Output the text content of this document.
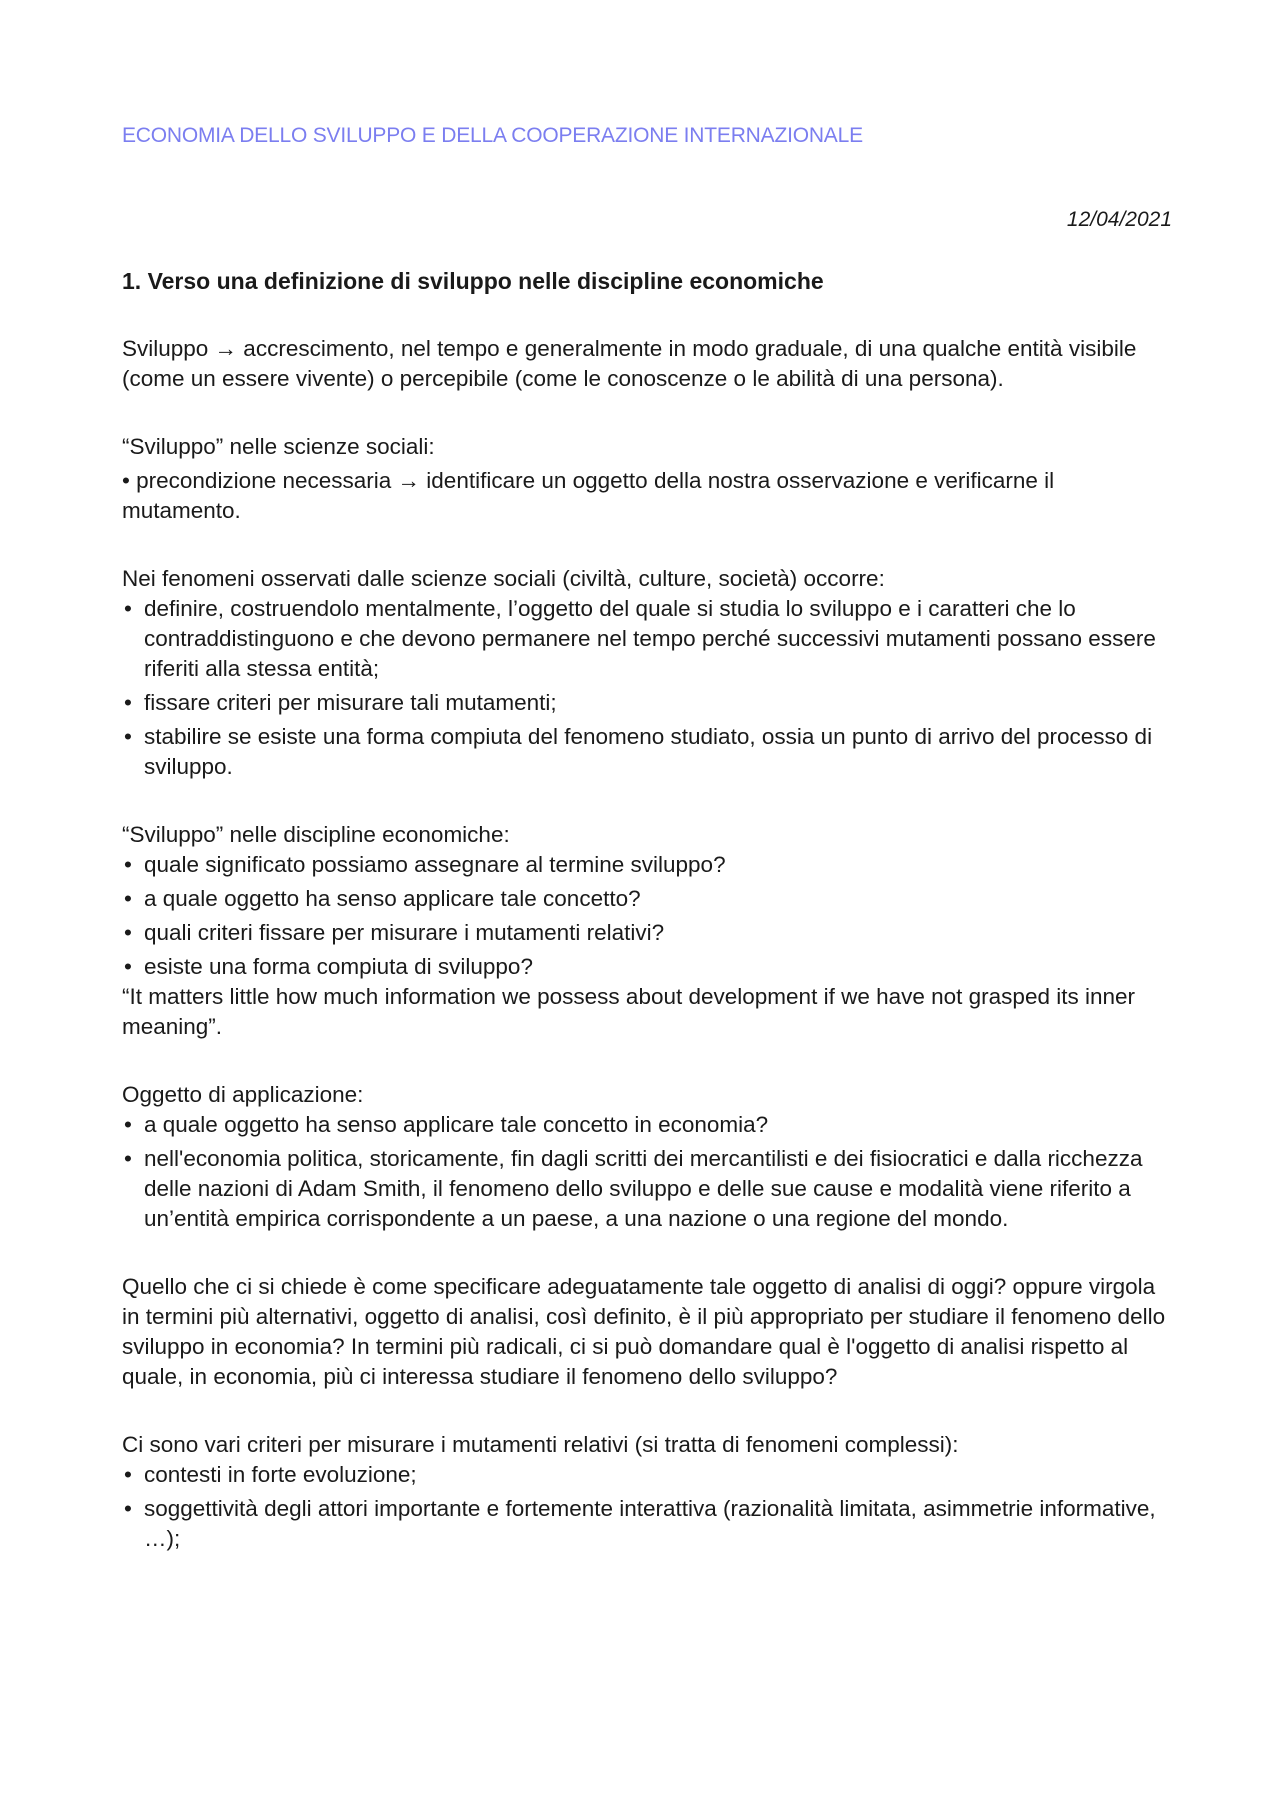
ECONOMIA DELLO SVILUPPO E DELLA COOPERAZIONE INTERNAZIONALE
12/04/2021
1. Verso una definizione di sviluppo nelle discipline economiche

Sviluppo → accrescimento, nel tempo e generalmente in modo graduale, di una qualche entità visibile (come un essere vivente) o percepibile (come le conoscenze o le abilità di una persona).

“Sviluppo” nelle scienze sociali:

• precondizione necessaria → identificare un oggetto della nostra osservazione e verificarne il mutamento.

Nei fenomeni osservati dalle scienze sociali (civiltà, culture, società) occorre:

• definire, costruendolo mentalmente, l’oggetto del quale si studia lo sviluppo e i caratteri che lo contraddistinguono e che devono permanere nel tempo perché successivi mutamenti possano essere riferiti alla stessa entità;
• fissare criteri per misurare tali mutamenti;
• stabilire se esiste una forma compiuta del fenomeno studiato, ossia un punto di arrivo del processo di sviluppo.

“Sviluppo” nelle discipline economiche:

• quale significato possiamo assegnare al termine sviluppo?
• a quale oggetto ha senso applicare tale concetto?
• quali criteri fissare per misurare i mutamenti relativi?
• esiste una forma compiuta di sviluppo?

“It matters little how much information we possess about development if we have not grasped its inner meaning”.

Oggetto di applicazione:

• a quale oggetto ha senso applicare tale concetto in economia?
• nell'economia politica, storicamente, fin dagli scritti dei mercantilisti e dei fisiocratici e dalla ricchezza delle nazioni di Adam Smith, il fenomeno dello sviluppo e delle sue cause e modalità viene riferito a un’entità empirica corrispondente a un paese, a una nazione o una regione del mondo.

Quello che ci si chiede è come specificare adeguatamente tale oggetto di analisi di oggi? oppure virgola in termini più alternativi, oggetto di analisi, così definito, è il più appropriato per studiare il fenomeno dello sviluppo in economia? In termini più radicali, ci si può domandare qual è l'oggetto di analisi rispetto al quale, in economia, più ci interessa studiare il fenomeno dello sviluppo?

Ci sono vari criteri per misurare i mutamenti relativi (si tratta di fenomeni complessi):

• contesti in forte evoluzione;
• soggettività degli attori importante e fortemente interattiva (razionalità limitata, asimmetrie informative, …);
